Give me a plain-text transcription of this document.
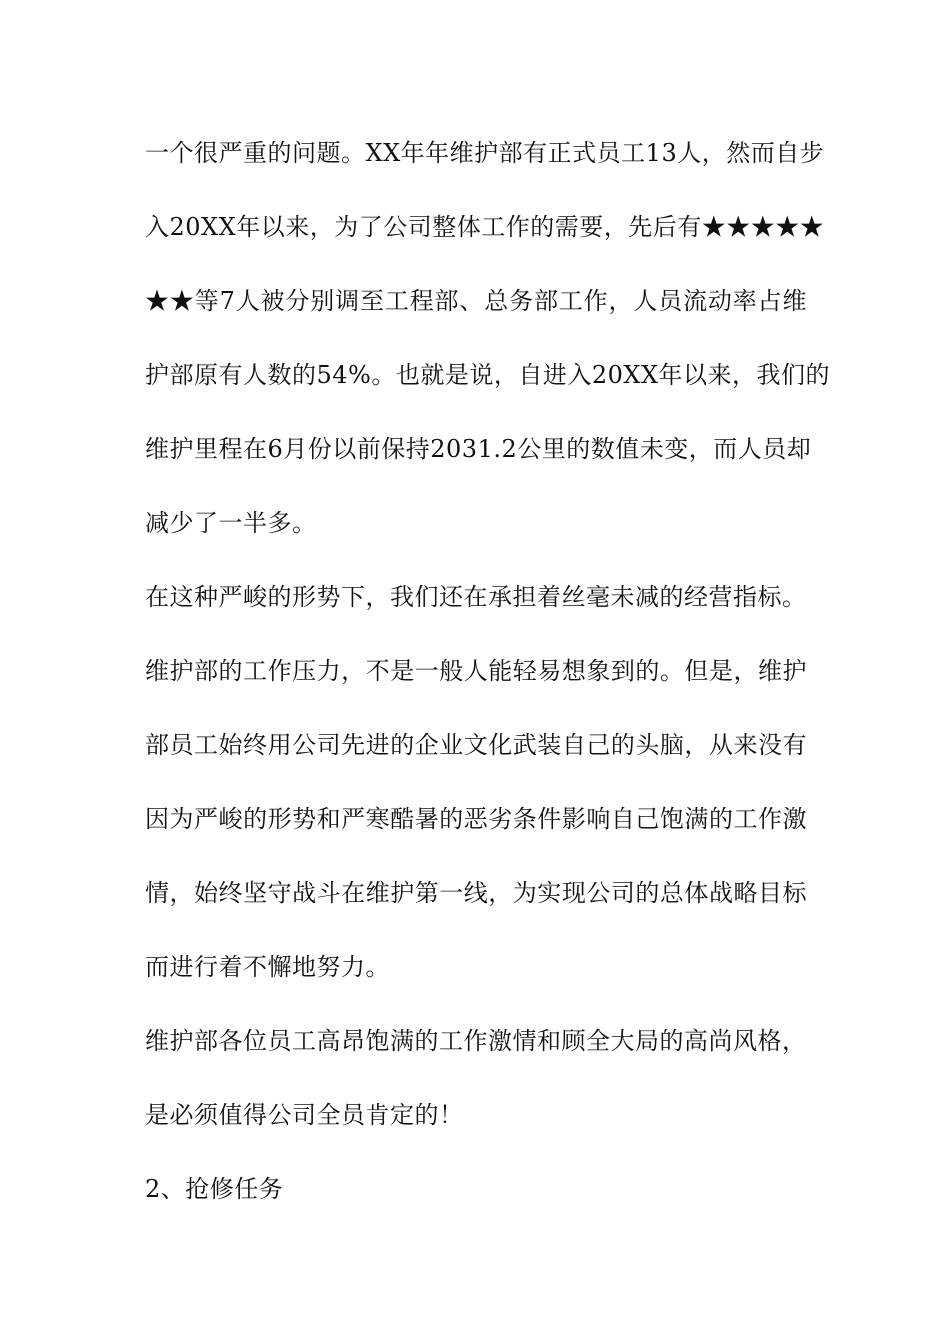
一个很严重的问题。XX年年维护部有正式员工13人，然而自步
入20XX年以来，为了公司整体工作的需要，先后有★★★★★
★★等7人被分别调至工程部、总务部工作，人员流动率占维
护部原有人数的54%。也就是说，自进入20XX年以来，我们的
维护里程在6月份以前保持2031.2公里的数值未变，而人员却
减少了一半多。
在这种严峻的形势下，我们还在承担着丝毫未减的经营指标。
维护部的工作压力，不是一般人能轻易想象到的。但是，维护
部员工始终用公司先进的企业文化武装自己的头脑，从来没有
因为严峻的形势和严寒酷暑的恶劣条件影响自己饱满的工作激
情，始终坚守战斗在维护第一线，为实现公司的总体战略目标
而进行着不懈地努力。
维护部各位员工高昂饱满的工作激情和顾全大局的高尚风格，
是必须值得公司全员肯定的！
2、抢修任务
